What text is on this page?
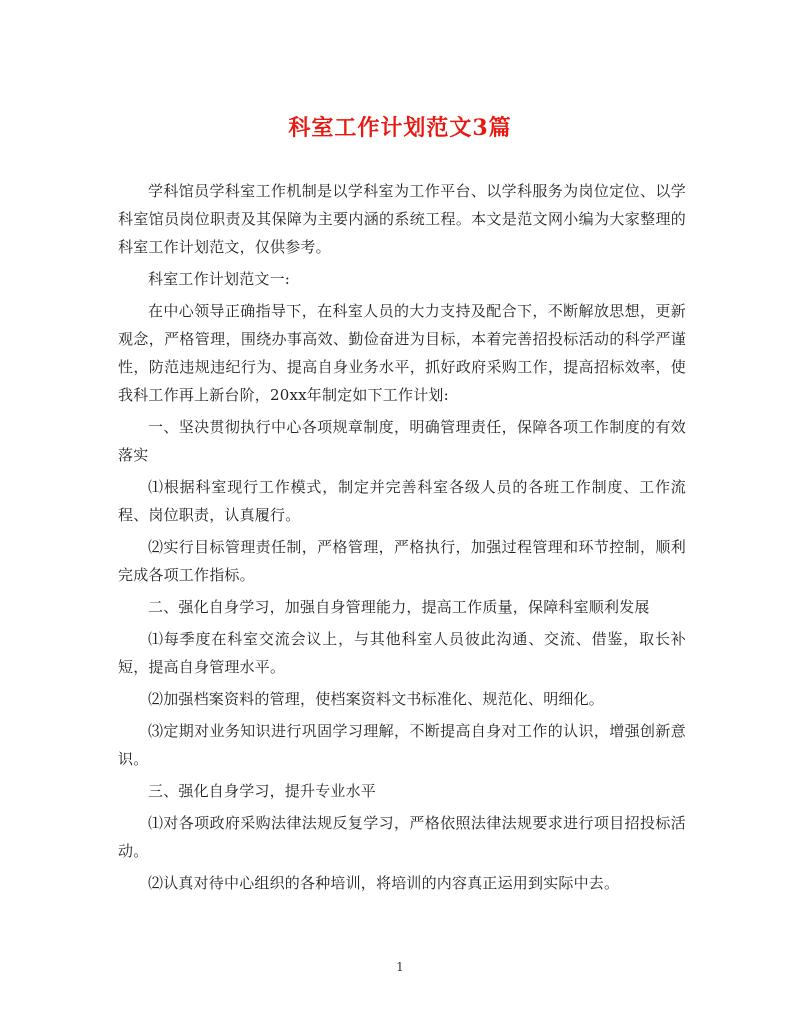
科室工作计划范文3篇

学科馆员学科室工作机制是以学科室为工作平台、以学科服务为岗位定位、以学科室馆员岗位职责及其保障为主要内涵的系统工程。本文是范文网小编为大家整理的科室工作计划范文，仅供参考。

科室工作计划范文一:

在中心领导正确指导下，在科室人员的大力支持及配合下，不断解放思想，更新观念，严格管理，围绕办事高效、勤俭奋进为目标，本着完善招投标活动的科学严谨性，防范违规违纪行为、提高自身业务水平，抓好政府采购工作，提高招标效率，使我科工作再上新台阶，20xx年制定如下工作计划:

一、坚决贯彻执行中心各项规章制度，明确管理责任，保障各项工作制度的有效落实

⑴根据科室现行工作模式，制定并完善科室各级人员的各班工作制度、工作流程、岗位职责，认真履行。

⑵实行目标管理责任制，严格管理，严格执行，加强过程管理和环节控制，顺利完成各项工作指标。

二、强化自身学习，加强自身管理能力，提高工作质量，保障科室顺利发展

⑴每季度在科室交流会议上，与其他科室人员彼此沟通、交流、借鉴，取长补短，提高自身管理水平。

⑵加强档案资料的管理，使档案资料文书标准化、规范化、明细化。

⑶定期对业务知识进行巩固学习理解，不断提高自身对工作的认识，增强创新意识。

三、强化自身学习，提升专业水平

⑴对各项政府采购法律法规反复学习，严格依照法律法规要求进行项目招投标活动。

⑵认真对待中心组织的各种培训，将培训的内容真正运用到实际中去。

1
